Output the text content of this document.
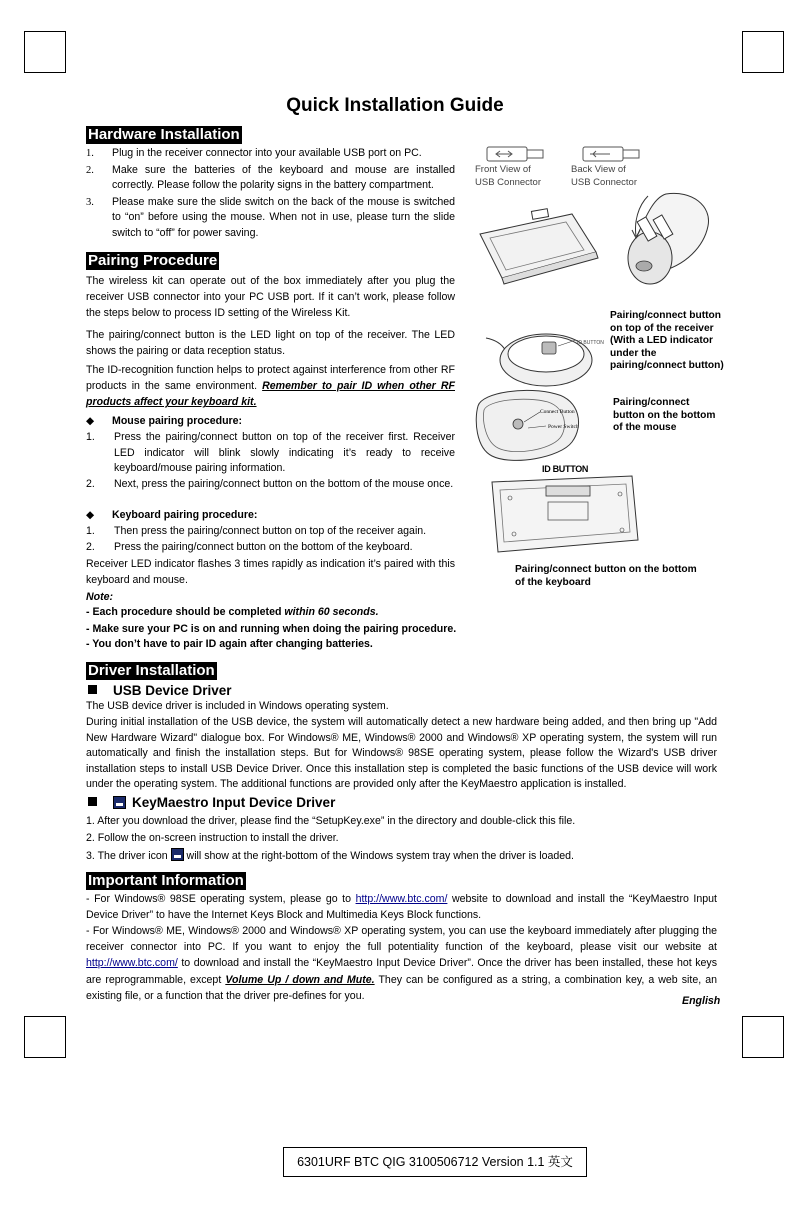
Quick Installation Guide
Hardware Installation
1. Plug in the receiver connector into your available USB port on PC.
2. Make sure the batteries of the keyboard and mouse are installed correctly. Please follow the polarity signs in the battery compartment.
3. Please make sure the slide switch on the back of the mouse is switched to “on” before using the mouse. When not in use, please turn the slide switch to “off” for power saving.
Pairing Procedure
The wireless kit can operate out of the box immediately after you plug the receiver USB connector into your PC USB port. If it can’t work, please follow the steps below to process ID setting of the Wireless Kit.
The pairing/connect button is the LED light on top of the receiver. The LED shows the pairing or data reception status.
The ID-recognition function helps to protect against interference from other RF products in the same environment. Remember to pair ID when other RF products affect your keyboard kit.
◆ Mouse pairing procedure:
1. Press the pairing/connect button on top of the receiver first. Receiver LED indicator will blink slowly indicating it’s ready to receive keyboard/mouse pairing information.
2. Next, press the pairing/connect button on the bottom of the mouse once.
◆ Keyboard pairing procedure:
1. Then press the pairing/connect button on top of the receiver again.
2. Press the pairing/connect button on the bottom of the keyboard.
Receiver LED indicator flashes 3 times rapidly as indication it’s paired with this keyboard and mouse.
Note:
- Each procedure should be completed within 60 seconds.
- Make sure your PC is on and running when doing the pairing procedure.
- You don’t have to pair ID again after changing batteries.
Front View of
USB Connector
Back View of
USB Connector
ID BUTTON
Pairing/connect button
on top of the receiver
(With a LED indicator
under the
pairing/connect button)
Connect Button
Power Switch
Pairing/connect
button on the bottom
of the mouse
ID BUTTON
Pairing/connect button on the bottom
of the keyboard
Driver Installation
USB Device Driver
The USB device driver is included in Windows operating system.
During initial installation of the USB device, the system will automatically detect a new hardware being added, and then bring up "Add New Hardware Wizard" dialogue box. For Windows® ME, Windows® 2000 and Windows® XP operating system, the system will run automatically and finish the installation steps. But for Windows® 98SE operating system, please follow the Wizard's USB driver installation steps to install USB Device Driver. Once this installation step is completed the basic functions of the USB device will work under the operating system. The additional functions are provided only after the KeyMaestro application is installed.
KeyMaestro Input Device Driver
1. After you download the driver, please find the “SetupKey.exe” in the directory and double-click this file.
2. Follow the on-screen instruction to install the driver.
3. The driver icon  will show at the right-bottom of the Windows system tray when the driver is loaded.
Important Information
- For Windows® 98SE operating system, please go to http://www.btc.com/ website to download and install the “KeyMaestro Input Device Driver” to have the Internet Keys Block and Multimedia Keys Block functions.
- For Windows® ME, Windows® 2000 and Windows® XP operating system, you can use the keyboard immediately after plugging the receiver connector into PC. If you want to enjoy the full potentiality function of the keyboard, please visit our website at http://www.btc.com/ to download and install the “KeyMaestro Input Device Driver”. Once the driver has been installed, these hot keys are reprogrammable, except Volume Up / down and Mute. They can be configured as a string, a combination key, a web site, an existing file, or a function that the driver pre-defines for you.	English
6301URF BTC QIG 3100506712 Version 1.1 英文
